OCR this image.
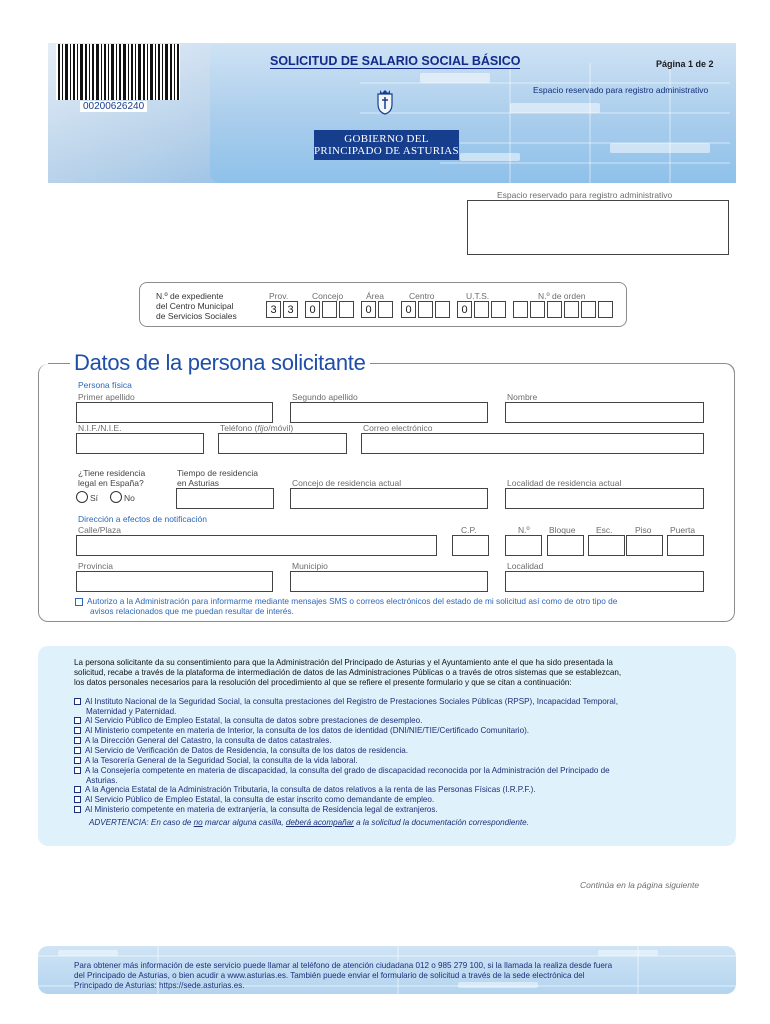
00200626240
SOLICITUD DE SALARIO SOCIAL BÁSICO	Página 1 de 2
Espacio reservado para registro administrativo
GOBIERNO DEL
PRINCIPADO DE ASTURIAS
Espacio reservado para registro administrativo
N.º de expediente
del Centro Municipal
de Servicios Sociales
Prov.	Concejo	Área	Centro	U.T.S.	N.º de orden
3 3	0	0	0	0
Datos de la persona solicitante
Persona física
Primer apellido	Segundo apellido	Nombre
N.I.F./N.I.E.	Teléfono (fijo/móvil)	Correo electrónico
¿Tiene residencia
legal en España?
Tiempo de residencia
en Asturias	Concejo de residencia actual	Localidad de residencia actual
Sí	No
Dirección a efectos de notificación
Calle/Plaza	C.P.	N.º Bloque Esc.	Piso Puerta
Provincia	Municipio	Localidad
Autorizo a la Administración para informarme mediante mensajes SMS o correos electrónicos del estado de mi solicitud así como de otro tipo de
avisos relacionados que me puedan resultar de interés.
La persona solicitante da su consentimiento para que la Administración del Principado de Asturias y el Ayuntamiento ante el que ha sido presentada la
solicitud, recabe a través de la plataforma de intermediación de datos de las Administraciones Públicas o a través de otros sistemas que se establezcan,
los datos personales necesarios para la resolución del procedimiento al que se refiere el presente formulario y que se citan a continuación:
Al Instituto Nacional de la Seguridad Social, la consulta prestaciones del Registro de Prestaciones Sociales Públicas (RPSP), Incapacidad Temporal,
Maternidad y Paternidad.
Al Servicio Público de Empleo Estatal, la consulta de datos sobre prestaciones de desempleo.
Al Ministerio competente en materia de Interior, la consulta de los datos de identidad (DNI/NIE/TIE/Certificado Comunitario).
A la Dirección General del Catastro, la consulta de datos catastrales.
Al Servicio de Verificación de Datos de Residencia, la consulta de los datos de residencia.
A la Tesorería General de la Seguridad Social, la consulta de la vida laboral.
A la Consejería competente en materia de discapacidad, la consulta del grado de discapacidad reconocida por la Administración del Principado de
Asturias.
A la Agencia Estatal de la Administración Tributaria, la consulta de datos relativos a la renta de las Personas Físicas (I.R.P.F.).
Al Servicio Público de Empleo Estatal, la consulta de estar inscrito como demandante de empleo.
Al Ministerio competente en materia de extranjería, la consulta de Residencia legal de extranjeros.
ADVERTENCIA: En caso de no marcar alguna casilla, deberá acompañar a la solicitud la documentación correspondiente.
Continúa en la página siguiente
Para obtener más información de este servicio puede llamar al teléfono de atención ciudadana 012 o 985 279 100, si la llamada la realiza desde fuera
del Principado de Asturias, o bien acudir a www.asturias.es. También puede enviar el formulario de solicitud a través de la sede electrónica del
Principado de Asturias: https://sede.asturias.es.
